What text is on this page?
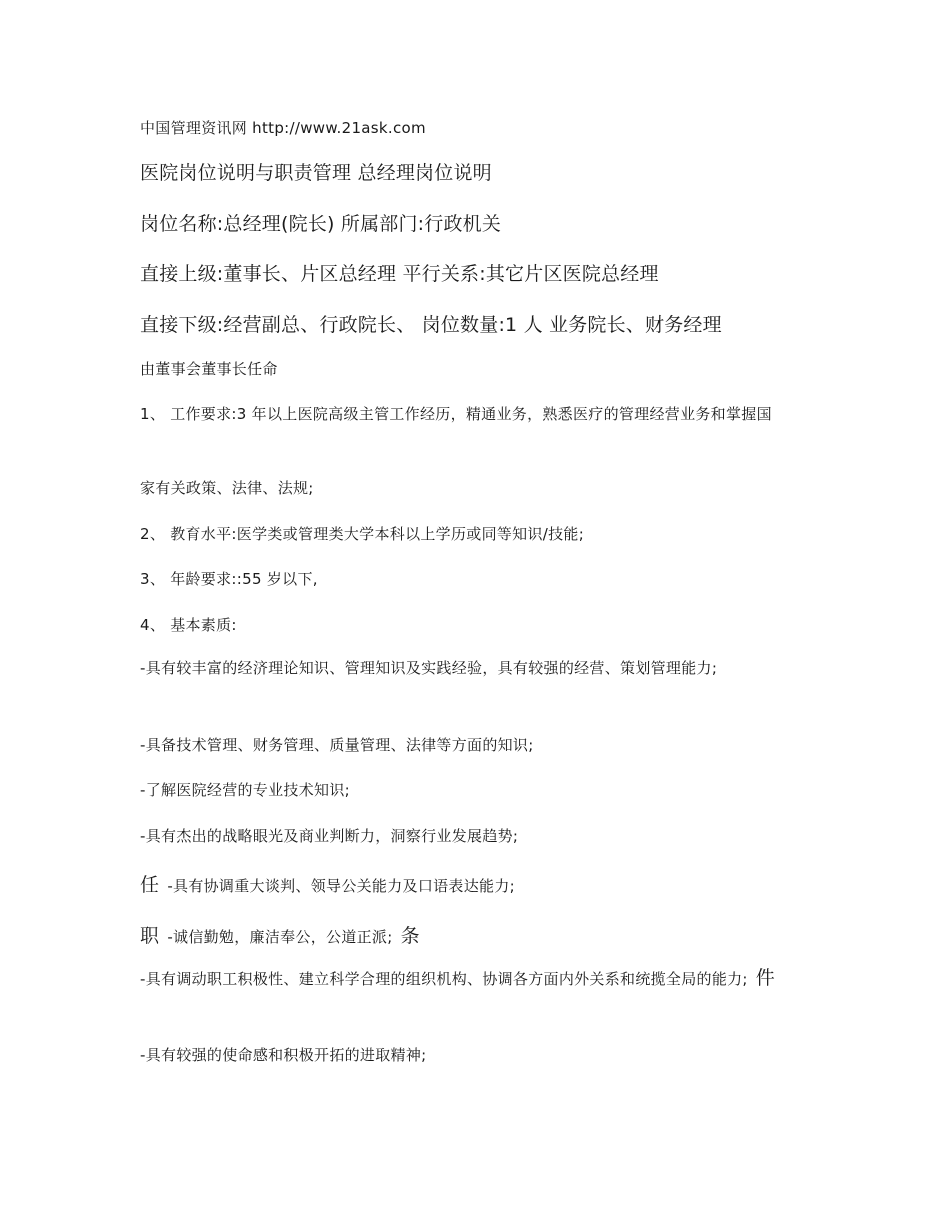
中国管理资讯网 http://www.21ask.com

医院岗位说明与职责管理 总经理岗位说明

岗位名称:总经理(院长) 所属部门:行政机关

直接上级:董事长、片区总经理 平行关系:其它片区医院总经理

直接下级:经营副总、行政院长、 岗位数量:1 人 业务院长、财务经理

由董事会董事长任命

1、 工作要求:3 年以上医院高级主管工作经历，精通业务，熟悉医疗的管理经营业务和掌握国

家有关政策、法律、法规;

2、 教育水平:医学类或管理类大学本科以上学历或同等知识/技能;

3、 年龄要求::55 岁以下,

4、 基本素质:

-具有较丰富的经济理论知识、管理知识及实践经验，具有较强的经营、策划管理能力;

-具备技术管理、财务管理、质量管理、法律等方面的知识;

-了解医院经营的专业技术知识;

-具有杰出的战略眼光及商业判断力，洞察行业发展趋势;

任 -具有协调重大谈判、领导公关能力及口语表达能力;

职 -诚信勤勉，廉洁奉公，公道正派; 条

-具有调动职工积极性、建立科学合理的组织机构、协调各方面内外关系和统揽全局的能力; 件

-具有较强的使命感和积极开拓的进取精神;
